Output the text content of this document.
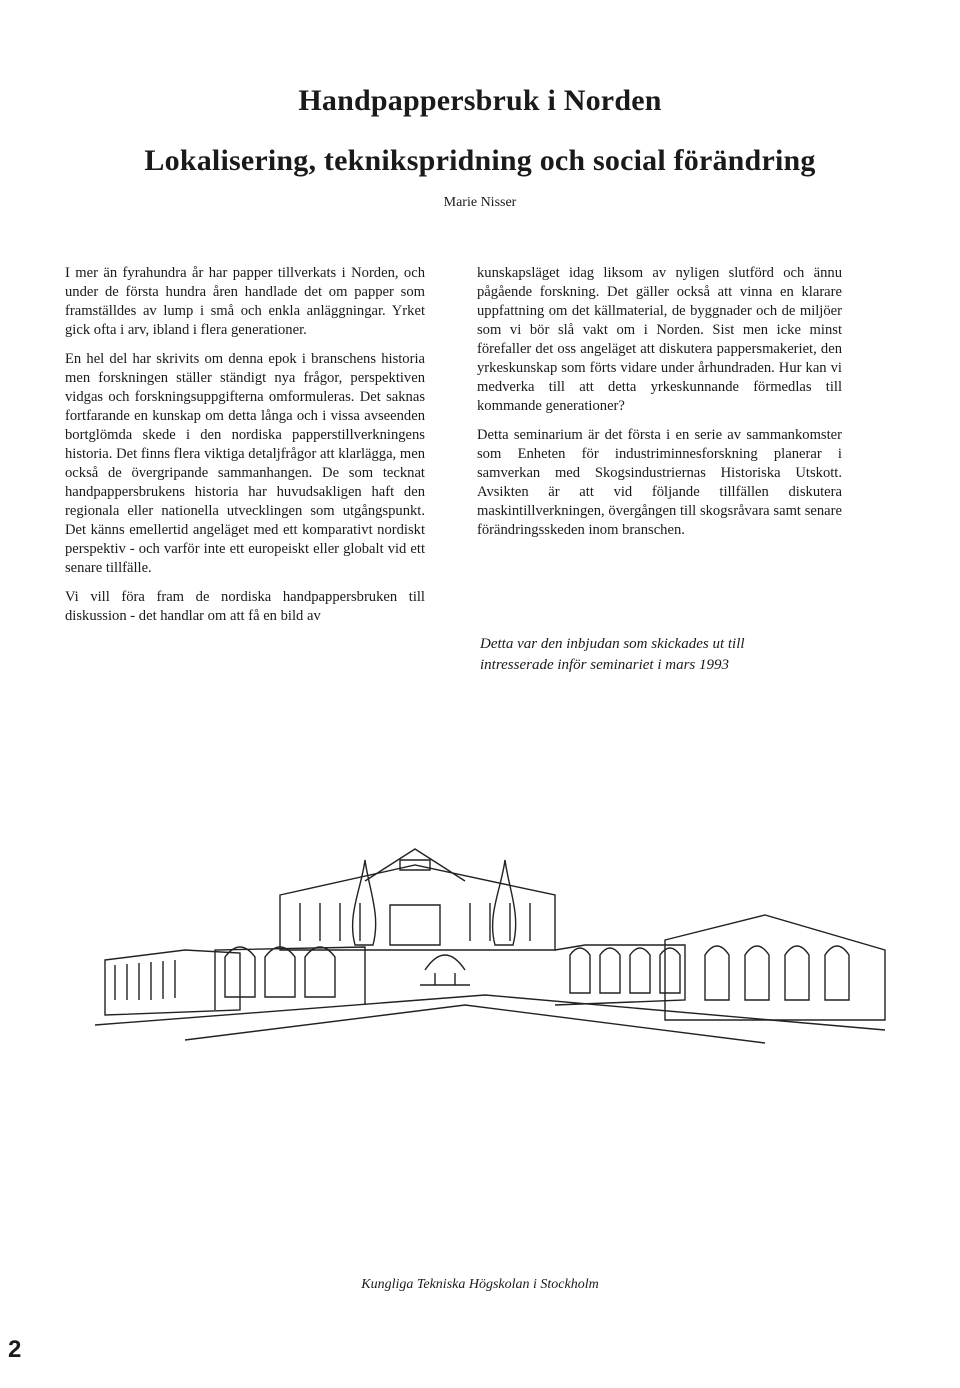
Handpappersbruk i Norden
Lokalisering, teknikspridning och social förändring
Marie Nisser

I mer än fyrahundra år har papper tillverkats i Norden, och under de första hundra åren handlade det om papper som framställdes av lump i små och enkla anläggningar. Yrket gick ofta i arv, ibland i flera generationer.

En hel del har skrivits om denna epok i branschens historia men forskningen ställer ständigt nya frågor, perspektiven vidgas och forskningsuppgifterna omformuleras. Det saknas fortfarande en kunskap om detta långa och i vissa avseenden bortglömda skede i den nordiska papperstillverkningens historia. Det finns flera viktiga detaljfrågor att klarlägga, men också de övergripande sammanhangen. De som tecknat handpappersbrukens historia har huvudsakligen haft den regionala eller nationella utvecklingen som utgångspunkt. Det känns emellertid angeläget med ett komparativt nordiskt perspektiv - och varför inte ett europeiskt eller globalt vid ett senare tillfälle.

Vi vill föra fram de nordiska handpappersbruken till diskussion - det handlar om att få en bild av

kunskapsläget idag liksom av nyligen slutförd och ännu pågående forskning. Det gäller också att vinna en klarare uppfattning om det källmaterial, de byggnader och de miljöer som vi bör slå vakt om i Norden. Sist men icke minst förefaller det oss angeläget att diskutera pappersmakeriet, den yrkeskunskap som förts vidare under århundraden. Hur kan vi medverka till att detta yrkeskunnande förmedlas till kommande generationer?

Detta seminarium är det första i en serie av sammankomster som Enheten för industriminnesforskning planerar i samverkan med Skogsindustriernas Historiska Utskott. Avsikten är att vid följande tillfällen diskutera maskintillverkningen, övergången till skogsråvara samt senare förändringsskeden inom branschen.

Detta var den inbjudan som skickades ut till intresserade inför seminariet i mars 1993
Kungliga Tekniska Högskolan i Stockholm
2
